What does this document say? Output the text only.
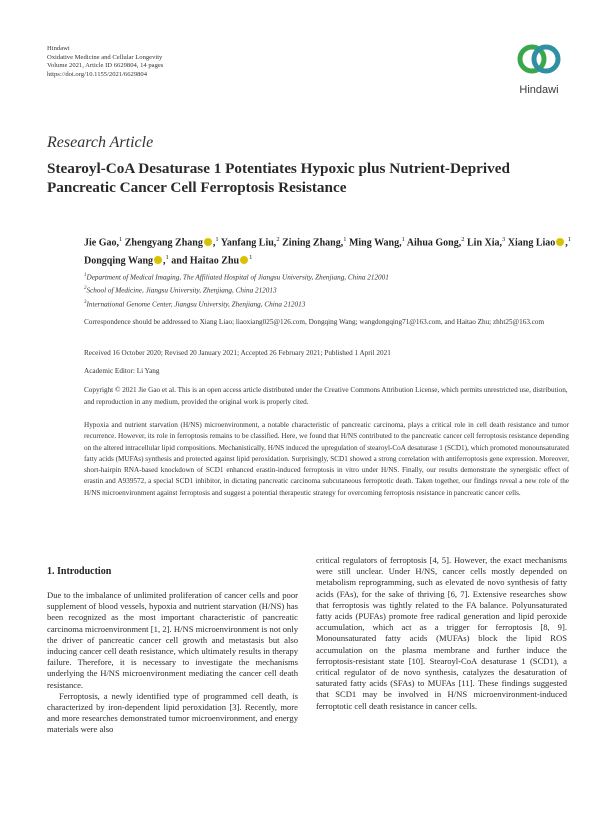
Hindawi
Oxidative Medicine and Cellular Longevity
Volume 2021, Article ID 6629804, 14 pages
https://doi.org/10.1155/2021/6629804
Hindawi
Research Article
Stearoyl-CoA Desaturase 1 Potentiates Hypoxic plus Nutrient-Deprived Pancreatic Cancer Cell Ferroptosis Resistance
Jie Gao,$^1$ Zhengyang Zhang ,$^1$ Yanfang Liu,$^2$ Zining Zhang,$^1$ Ming Wang,$^1$ Aihua Gong,$^2$ Lin Xia,$^3$ Xiang Liao ,$^1$ Dongqing Wang ,$^1$ and Haitao Zhu $^1$
$^1$Department of Medical Imaging, The Affiliated Hospital of Jiangsu University, Zhenjiang, China 212001
$^2$School of Medicine, Jiangsu University, Zhenjiang, China 212013
$^3$International Genome Center, Jiangsu University, Zhenjiang, China 212013
Correspondence should be addressed to Xiang Liao; liaoxiang025@126.com, Dongqing Wang; wangdongqing71@163.com, and Haitao Zhu; zhht25@163.com
Received 16 October 2020; Revised 20 January 2021; Accepted 26 February 2021; Published 1 April 2021
Academic Editor: Li Yang
Copyright © 2021 Jie Gao et al. This is an open access article distributed under the Creative Commons Attribution License, which permits unrestricted use, distribution, and reproduction in any medium, provided the original work is properly cited.
Hypoxia and nutrient starvation (H/NS) microenvironment, a notable characteristic of pancreatic carcinoma, plays a critical role in cell death resistance and tumor recurrence. However, its role in ferroptosis remains to be classified. Here, we found that H/NS contributed to the pancreatic cancer cell ferroptosis resistance depending on the altered intracellular lipid compositions. Mechanistically, H/NS induced the upregulation of stearoyl-CoA desaturase 1 (SCD1), which promoted monounsaturated fatty acids (MUFAs) synthesis and protected against lipid peroxidation. Surprisingly, SCD1 showed a strong correlation with antiferroptosis gene expression. Moreover, short-hairpin RNA-based knockdown of SCD1 enhanced erastin-induced ferroptosis in vitro under H/NS. Finally, our results demonstrate the synergistic effect of erastin and A939572, a special SCD1 inhibitor, in dictating pancreatic carcinoma subcutaneous ferroptotic death. Taken together, our findings reveal a new role of the H/NS microenvironment against ferroptosis and suggest a potential therapeutic strategy for overcoming ferroptosis resistance in pancreatic cancer cells.
1. Introduction

Due to the imbalance of unlimited proliferation of cancer cells and poor supplement of blood vessels, hypoxia and nutrient starvation (H/NS) has been recognized as the most important characteristic of pancreatic carcinoma microenvironment [1, 2]. H/NS microenvironment is not only the driver of pancreatic cancer cell growth and metastasis but also inducing cancer cell death resistance, which ultimately results in therapy failure. Therefore, it is necessary to investigate the mechanisms underlying the H/NS microenvironment mediating the cancer cell death resistance.

Ferroptosis, a newly identified type of programmed cell death, is characterized by iron-dependent lipid peroxidation [3]. Recently, more and more researches demonstrated tumor microenvironment, and energy materials were also

critical regulators of ferroptosis [4, 5]. However, the exact mechanisms were still unclear. Under H/NS, cancer cells mostly depended on metabolism reprogramming, such as elevated de novo synthesis of fatty acids (FAs), for the sake of thriving [6, 7]. Extensive researches show that ferroptosis was tightly related to the FA balance. Polyunsaturated fatty acids (PUFAs) promote free radical generation and lipid peroxide accumulation, which act as a trigger for ferroptosis [8, 9]. Monounsaturated fatty acids (MUFAs) block the lipid ROS accumulation on the plasma membrane and further induce the ferroptosis-resistant state [10]. Stearoyl-CoA desaturase 1 (SCD1), a critical regulator of de novo synthesis, catalyzes the desaturation of saturated fatty acids (SFAs) to MUFAs [11]. These findings suggested that SCD1 may be involved in H/NS microenvironment-induced ferroptotic cell death resistance in cancer cells.
